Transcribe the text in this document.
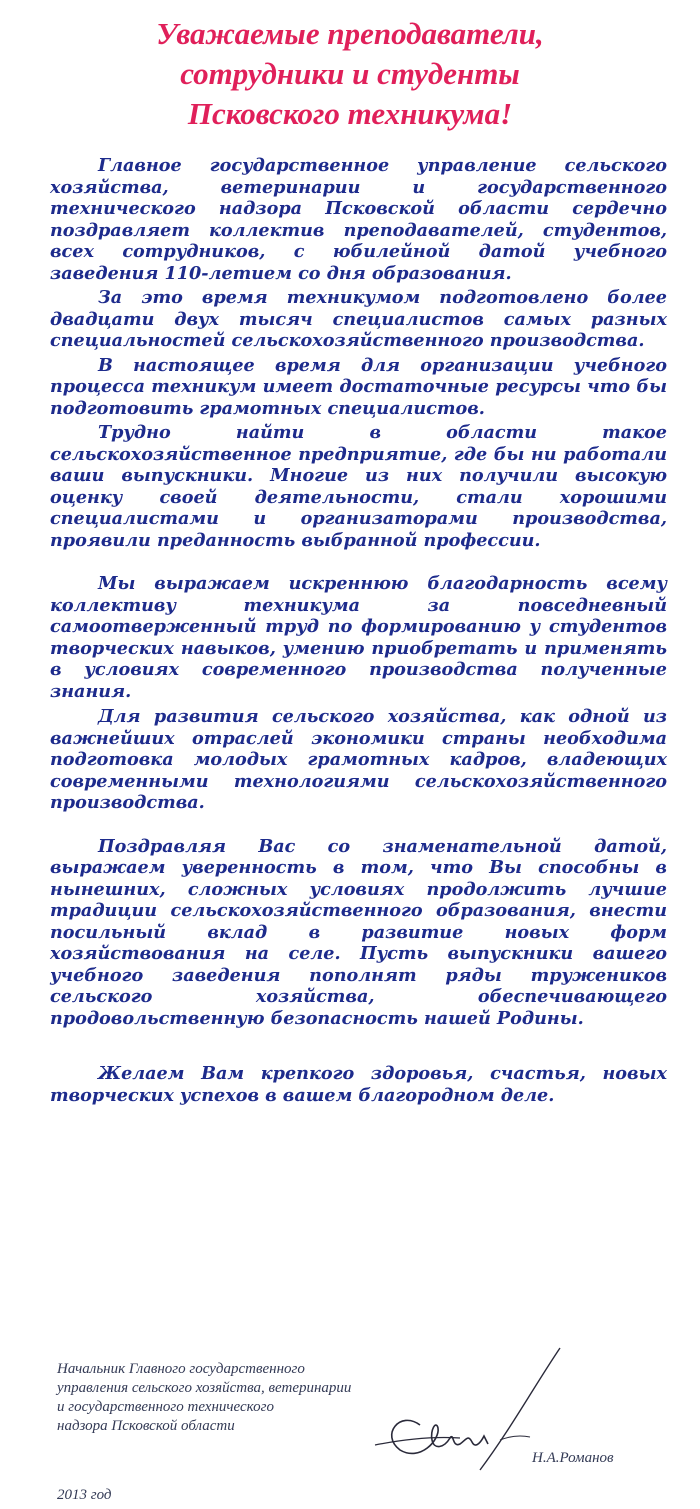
Уважаемые преподаватели,
сотрудники и студенты
Псковского техникума!

Главное государственное управление сельского хозяйства, ветеринарии и государственного технического надзора Псковской области сердечно поздравляет коллектив преподавателей, студентов, всех сотрудников, с юбилейной датой учебного заведения 110-летием со дня образования.

За это время техникумом подготовлено более двадцати двух тысяч специалистов самых разных специальностей сельскохозяйственного производства.

В настоящее время для организации учебного процесса техникум имеет достаточные ресурсы что бы подготовить грамотных специалистов.

Трудно найти в области такое сельскохозяйственное предприятие, где бы ни работали ваши выпускники. Многие из них получили высокую оценку своей деятельности, стали хорошими специалистами и организаторами производства, проявили преданность выбранной профессии.

Мы выражаем искреннюю благодарность всему коллективу техникума за повседневный самоотверженный труд по формированию у студентов творческих навыков, умению приобретать и применять в условиях современного производства полученные знания.

Для развития сельского хозяйства, как одной из важнейших отраслей экономики страны необходима подготовка молодых грамотных кадров, владеющих современными технологиями сельскохозяйственного производства.

Поздравляя Вас со знаменательной датой, выражаем уверенность в том, что Вы способны в нынешних, сложных условиях продолжить лучшие традиции сельскохозяйственного образования, внести посильный вклад в развитие новых форм хозяйствования на селе. Пусть выпускники вашего учебного заведения пополнят ряды тружеников сельского хозяйства, обеспечивающего продовольственную безопасность нашей Родины.

Желаем Вам крепкого здоровья, счастья, новых творческих успехов в вашем благородном деле.

Начальник Главного государственного
управления сельского хозяйства, ветеринарии
и государственного технического
надзора Псковской области
Н.А.Романов
2013 год
